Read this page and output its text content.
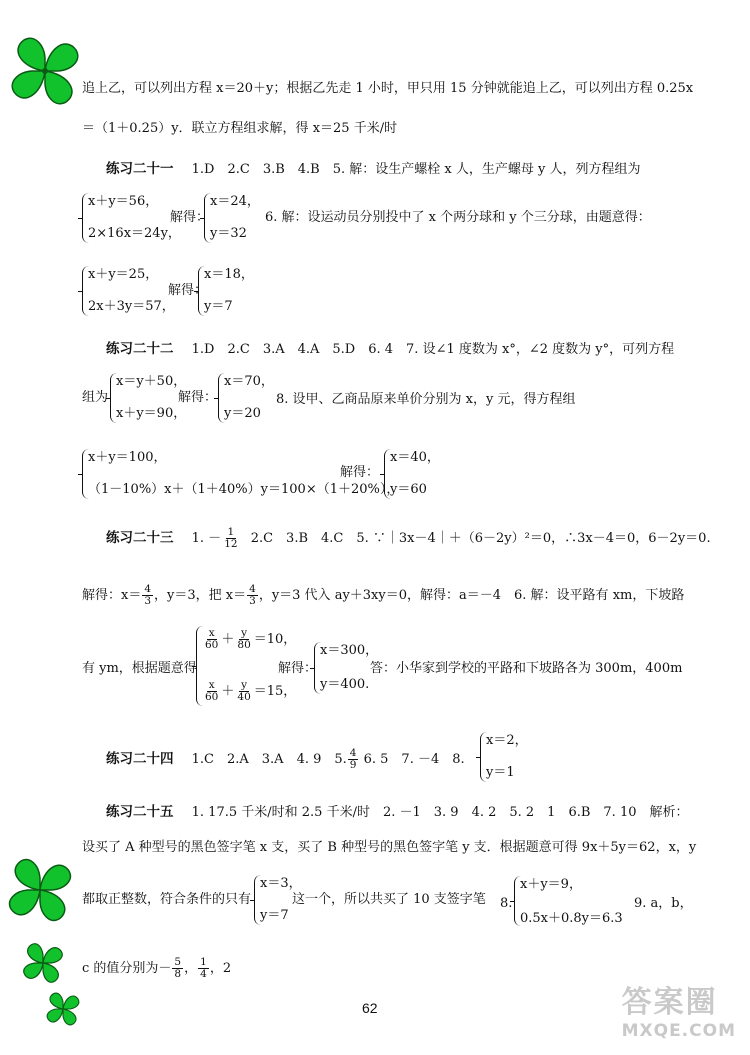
追上乙，可以列出方程 x＝20＋y；根据乙先走 1 小时，甲只用 15 分钟就能追上乙，可以列出方程 0.25x
＝（1＋0.25）y．联立方程组求解，得 x＝25 千米/时
练习二十一 1.D　2.C　3.B　4.B　5. 解：设生产螺栓 x 人，生产螺母 y 人，列方程组为
x＋y＝56，
2×16x＝24y，
解得：
x＝24，
y＝32
6. 解：设运动员分别投中了 x 个两分球和 y 个三分球，由题意得：
x＋y＝25，
2x＋3y＝57，
解得：
x＝18，
y＝7
练习二十二 1.D　2.C　3.A　4.A　5.D　6. 4　7. 设∠1 度数为 x°，∠2 度数为 y°，可列方程
组为
x＝y＋50，
x＋y＝90，
解得：
x＝70，
y＝20
8. 设甲、乙商品原来单价分别为 x，y 元，得方程组
x＋y＝100，
（1－10%）x＋（1＋40%）y＝100×（1＋20%），
解得：
x＝40，
y＝60
练习二十三 1. － $\frac{1}{12} 2.C$　3.B　4.C　5. ∵｜3x－4｜＋（6－2y）²＝0，∴3x－4＝0，6－2y＝0.
解得：$x= \frac{4}{3}$ ，y＝3，把 $x= \frac{4}{3}$ ，y＝3 代入 ay＋3xy＝0，解得：a＝－4　6. 解：设平路有 xm，下坡路
有 ym，根据题意得
$\frac{x}{60} + \frac{y}{80} =10$，
$\frac{x}{60} + \frac{y}{40} =15$，
解得：
x＝300，
y＝400.
答：小华家到学校的平路和下坡路各为 300m，400m
练习二十四 1.C　2.A　3.A　4. 9　5. $\frac{4}{9} 6$. 5　7. －4　8.
x＝2，
y＝1
练习二十五 1. 17.5 千米/时和 2.5 千米/时　2. －1　3. 9　4. 2　5. 2　1　6.B　7. 10　解析：
设买了 A 种型号的黑色签字笔 x 支，买了 B 种型号的黑色签字笔 y 支．根据题意可得 9x＋5y＝62，x，y
都取正整数，符合条件的只有
x＝3，
y＝7
这一个，所以共买了 10 支签字笔 8.
x＋y＝9，
0.5x＋0.8y＝6.3
9. a，b，
c 的值分别为－ $\frac{5}{8}$ ， $\frac{1}{4}$ ，2
62	答案圈
MXQE.COM
